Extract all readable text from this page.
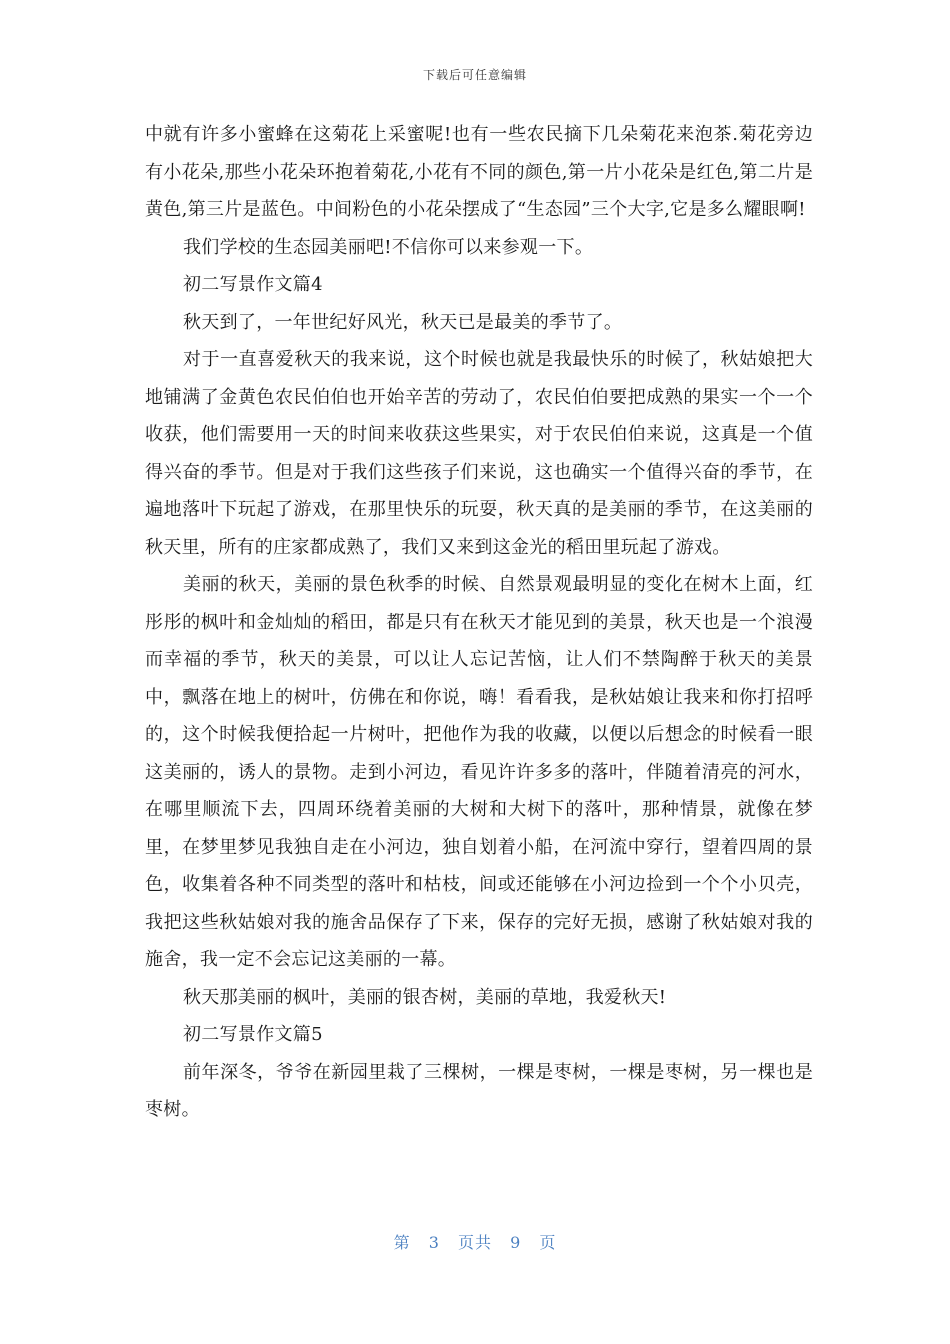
下载后可任意编辑

中就有许多小蜜蜂在这菊花上采蜜呢!也有一些农民摘下几朵菊花来泡茶.菊花旁边有小花朵,那些小花朵环抱着菊花,小花有不同的颜色,第一片小花朵是红色,第二片是黄色,第三片是蓝色。中间粉色的小花朵摆成了“生态园”三个大字,它是多么耀眼啊!

我们学校的生态园美丽吧!不信你可以来参观一下。

初二写景作文篇4

秋天到了，一年世纪好风光，秋天已是最美的季节了。

对于一直喜爱秋天的我来说，这个时候也就是我最快乐的时候了，秋姑娘把大地铺满了金黄色农民伯伯也开始辛苦的劳动了，农民伯伯要把成熟的果实一个一个收获，他们需要用一天的时间来收获这些果实，对于农民伯伯来说，这真是一个值得兴奋的季节。但是对于我们这些孩子们来说，这也确实一个值得兴奋的季节，在遍地落叶下玩起了游戏，在那里快乐的玩耍，秋天真的是美丽的季节，在这美丽的秋天里，所有的庄家都成熟了，我们又来到这金光的稻田里玩起了游戏。

美丽的秋天，美丽的景色秋季的时候、自然景观最明显的变化在树木上面，红彤彤的枫叶和金灿灿的稻田，都是只有在秋天才能见到的美景，秋天也是一个浪漫而幸福的季节，秋天的美景，可以让人忘记苦恼，让人们不禁陶醉于秋天的美景中，飘落在地上的树叶，仿佛在和你说，嗨！看看我，是秋姑娘让我来和你打招呼的，这个时候我便拾起一片树叶，把他作为我的收藏，以便以后想念的时候看一眼这美丽的，诱人的景物。走到小河边，看见许许多多的落叶，伴随着清亮的河水，在哪里顺流下去，四周环绕着美丽的大树和大树下的落叶，那种情景，就像在梦里，在梦里梦见我独自走在小河边，独自划着小船，在河流中穿行，望着四周的景色，收集着各种不同类型的落叶和枯枝，间或还能够在小河边捡到一个个小贝壳，我把这些秋姑娘对我的施舍品保存了下来，保存的完好无损，感谢了秋姑娘对我的施舍，我一定不会忘记这美丽的一幕。

秋天那美丽的枫叶，美丽的银杏树，美丽的草地，我爱秋天!

初二写景作文篇5

前年深冬，爷爷在新园里栽了三棵树，一棵是枣树，一棵是枣树，另一棵也是枣树。

第 3 页共 9 页
